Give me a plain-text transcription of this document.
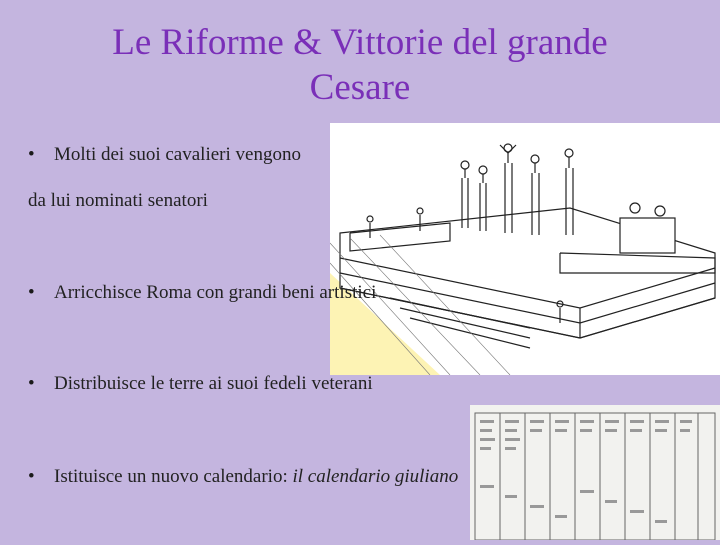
Le Riforme & Vittorie del grande
Cesare
• Molti dei suoi cavalieri vengono
da lui nominati senatori
• Arricchisce Roma con grandi beni artistici
• Distribuisce le terre ai suoi fedeli veterani
• Istituisce un nuovo calendario: il calendario giuliano
